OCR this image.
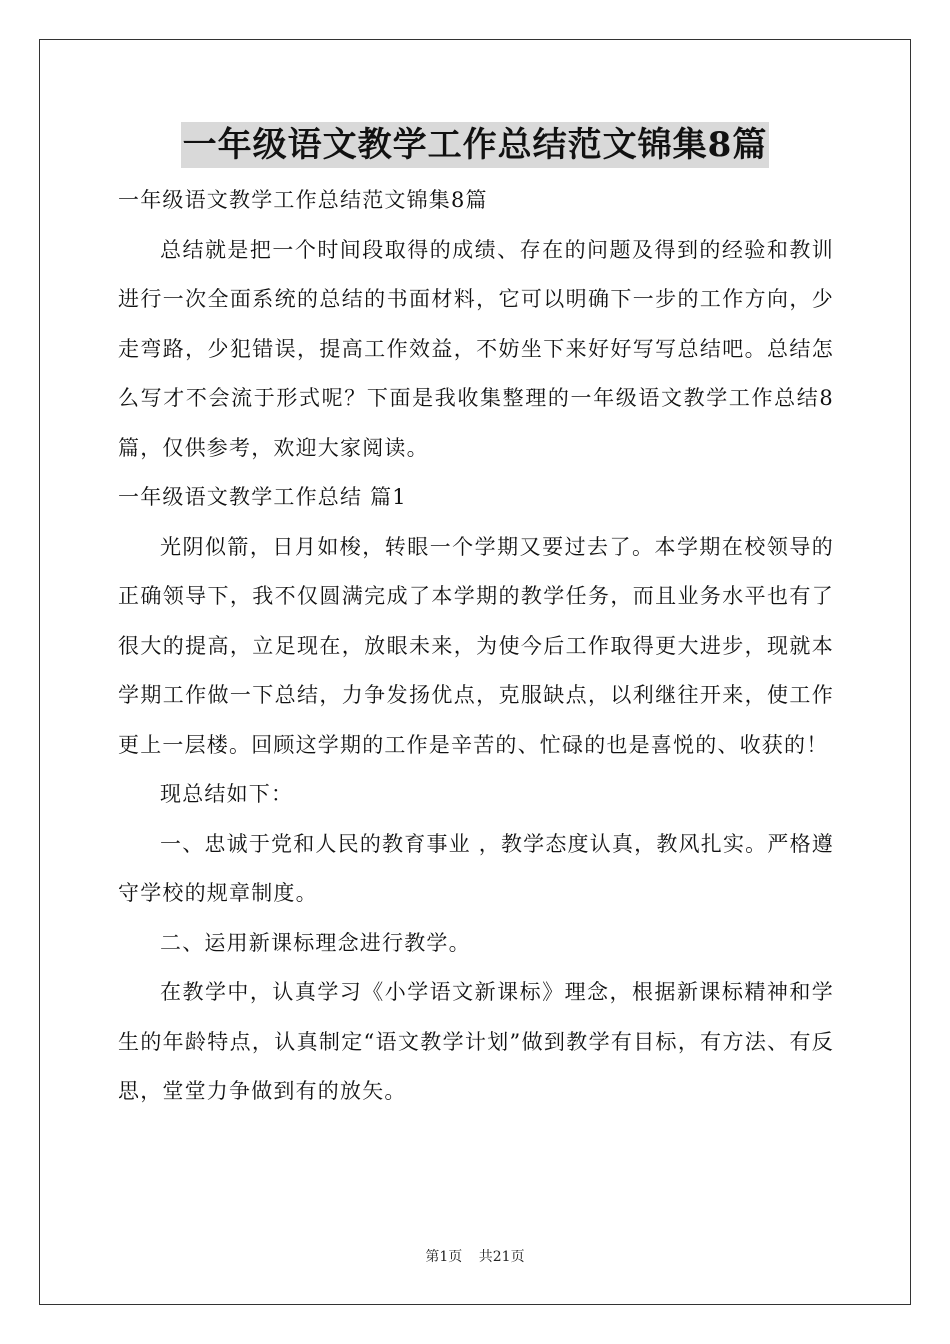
一年级语文教学工作总结范文锦集8篇

一年级语文教学工作总结范文锦集8篇

总结就是把一个时间段取得的成绩、存在的问题及得到的经验和教训进行一次全面系统的总结的书面材料，它可以明确下一步的工作方向，少走弯路，少犯错误，提高工作效益，不妨坐下来好好写写总结吧。总结怎么写才不会流于形式呢？下面是我收集整理的一年级语文教学工作总结8篇，仅供参考，欢迎大家阅读。

一年级语文教学工作总结 篇1

光阴似箭，日月如梭，转眼一个学期又要过去了。本学期在校领导的正确领导下，我不仅圆满完成了本学期的教学任务，而且业务水平也有了很大的提高，立足现在，放眼未来，为使今后工作取得更大进步，现就本学期工作做一下总结，力争发扬优点，克服缺点，以利继往开来，使工作更上一层楼。回顾这学期的工作是辛苦的、忙碌的也是喜悦的、收获的！

现总结如下：

一、忠诚于党和人民的教育事业 ，教学态度认真，教风扎实。严格遵守学校的规章制度。

二、运用新课标理念进行教学。

在教学中，认真学习《小学语文新课标》理念，根据新课标精神和学生的年龄特点，认真制定“语文教学计划”做到教学有目标，有方法、有反思，堂堂力争做到有的放矢。

第1页 共21页
